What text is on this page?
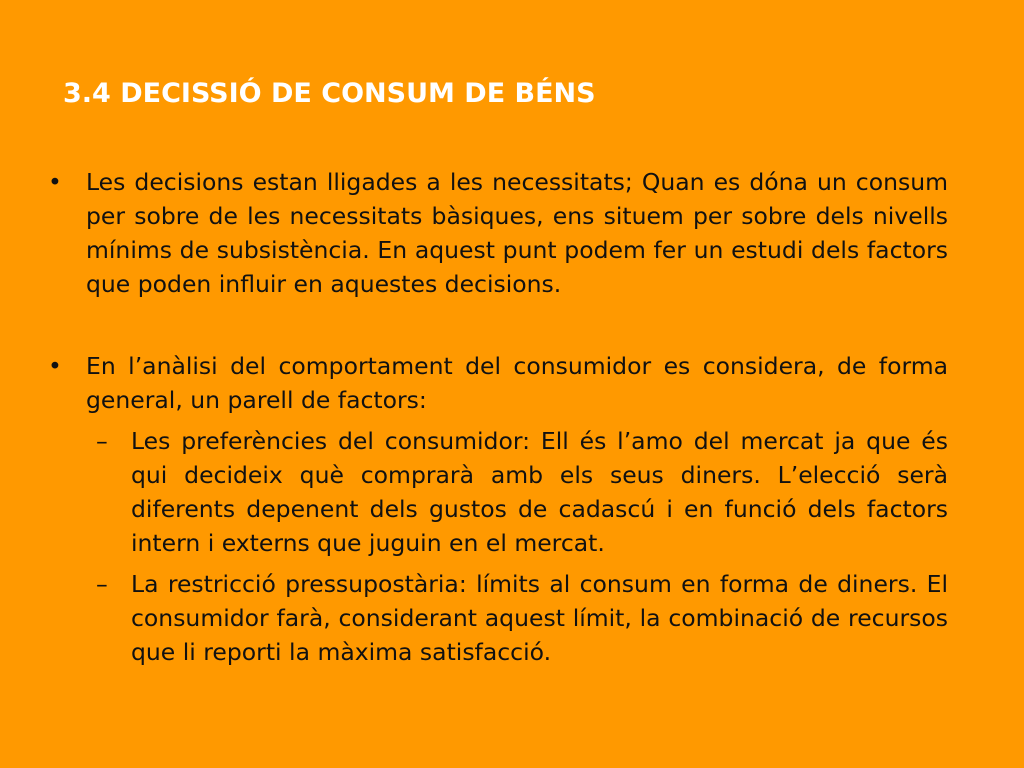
3.4 DECISSIÓ DE CONSUM DE BÉNS
• Les decisions estan lligades a les necessitats; Quan es dóna un consum per sobre de les necessitats bàsiques, ens situem per sobre dels nivells mínims de subsistència. En aquest punt podem fer un estudi dels factors que poden influir en aquestes decisions.
• En l’anàlisi del comportament del consumidor es considera, de forma general, un parell de factors:
– Les preferències del consumidor: Ell és l’amo del mercat ja que és qui decideix què comprarà amb els seus diners. L’elecció serà diferents depenent dels gustos de cadascú i en funció dels factors intern i externs que juguin en el mercat.
– La restricció pressupostària: límits al consum en forma de diners. El consumidor farà, considerant aquest límit, la combinació de recursos que li reporti la màxima satisfacció.
